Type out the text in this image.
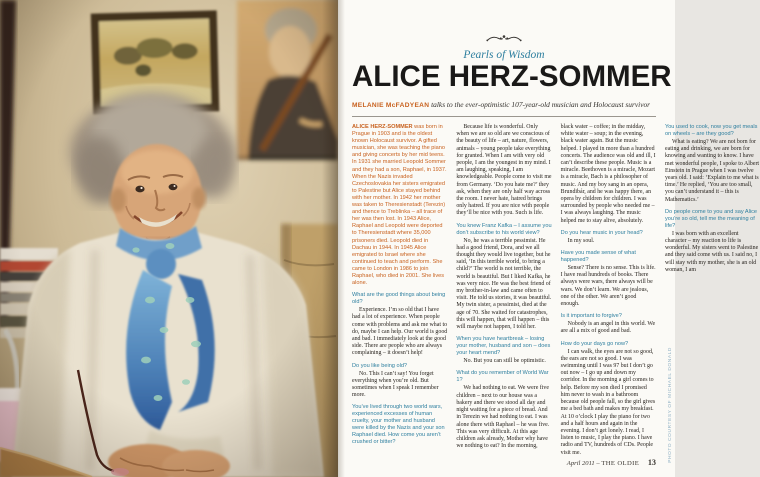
Pearls of Wisdom
ALICE HERZ-SOMMER

MELANIE McFADYEAN talks to the ever-optimistic 107-year-old musician and Holocaust survivor

ALICE HERZ-SOMMER was born in Prague in 1903 and is the oldest known Holocaust survivor. A gifted musician, she was teaching the piano and giving concerts by her mid teens. In 1931 she married Leopold Sommer and they had a son, Raphael, in 1937. When the Nazis invaded Czechoslovakia her sisters emigrated to Palestine but Alice stayed behind with her mother. In 1942 her mother was taken to Theresienstadt (Terezin) and thence to Treblinka – all trace of her was then lost. In 1943 Alice, Raphael and Leopold were deported to Theresienstadt where 35,000 prisoners died. Leopold died in Dachau in 1944. In 1945 Alice emigrated to Israel where she continued to teach and perform. She came to London in 1986 to join Raphael, who died in 2001. She lives alone.

What are the good things about being old?

Experience. I’m so old that I have had a lot of experience. When people come with problems and ask me what to do, maybe I can help. Our world is good and bad. I immediately look at the good side. There are people who are always complaining – it doesn’t help!

Do you like being old?

No. This I can’t say! You forget everything when you’re old. But sometimes when I speak I remember more.

You’ve lived through two world wars, experienced excesses of human cruelty, your mother and husband were killed by the Nazis and your son Raphael died. How come you aren’t crushed or bitter?

Because life is wonderful. Only when we are so old are we conscious of the beauty of life – art, nature, flowers, animals – young people take everything for granted. When I am with very old people, I am the youngest in my mind. I am laughing, speaking, I am knowledgeable. People come to visit me from Germany. ‘Do you hate me?’ they ask, when they are only half way across the room. I never hate, hatred brings only hatred. If you are nice with people they’ll be nice with you. Such is life.

You knew Franz Kafka – I assume you don’t subscribe to his world view?

No, he was a terrible pessimist. He had a good friend, Dora, and we all thought they would live together, but he said, ‘In this terrible world, to bring a child?’ The world is not terrible, the world is beautiful. But I liked Kafka, he was very nice. He was the best friend of my brother-in-law and came often to visit. He told us stories, it was beautiful. My twin sister, a pessimist, died at the age of 70. She waited for catastrophes, this will happen, that will happen – this will maybe not happen, I told her.

When you have heartbreak – losing your mother, husband and son – does your heart mend?

No. But you can still be optimistic.

What do you remember of World War 1?

We had nothing to eat. We were five children – next to our house was a bakery and there we stood all day and night waiting for a piece of bread. And in Terezin we had nothing to eat. I was alone there with Raphael – he was five. This was very difficult. At this age children ask already, Mother why have we nothing to eat? In the morning, black water – coffee; in the midday, white water – soup; in the evening, black water again. But the music helped. I played in more than a hundred concerts. The audience was old and ill, I can’t describe these people. Music is a miracle. Beethoven is a miracle, Mozart is a miracle, Bach is a philosopher of music. And my boy sang in an opera, Brundibár, and he was happy there, an opera by children for children. I was surrounded by people who needed me – I was always laughing. The music helped me to stay alive, absolutely.

Do you hear music in your head?

In my soul.

Have you made sense of what happened?

Sense? There is no sense. This is life. I have read hundreds of books. There always were wars, there always will be wars. We don’t learn. We are jealous, one of the other. We aren’t good enough.

Is it important to forgive?

Nobody is an angel in this world. We are all a mix of good and bad.

How do your days go now?

I can walk, the eyes are not so good, the ears are not so good. I was swimming until I was 97 but I don’t go out now – I go up and down my corridor. In the morning a girl comes to help. Before my son died I promised him never to wash in a bathroom because old people fall, so the girl gives me a bed bath and makes my breakfast. At 10 o’clock I play the piano for two and a half hours and again in the evening. I don’t get lonely. I read, I listen to music, I play the piano. I have radio and TV, hundreds of CDs. People visit me.

You used to cook, now you get meals on wheels – are they good?

What is eating? We are not born for eating and drinking, we are born for knowing and wanting to know. I have met wonderful people, I spoke to Albert Einstein in Prague when I was twelve years old. I said: ‘Explain to me what is time.’ He replied, ‘You are too small, you can’t understand it – this is Mathematics.’

Do people come to you and say Alice you’re so old, tell me the meaning of life?

I was born with an excellent character – my reaction to life is wonderful. My sisters went to Palestine and they said come with us. I said no, I will stay with my mother, she is an old woman, I am

April 2011 – THE OLDIE 13	PHOTO COURTESY OF MICHAEL DONALD
